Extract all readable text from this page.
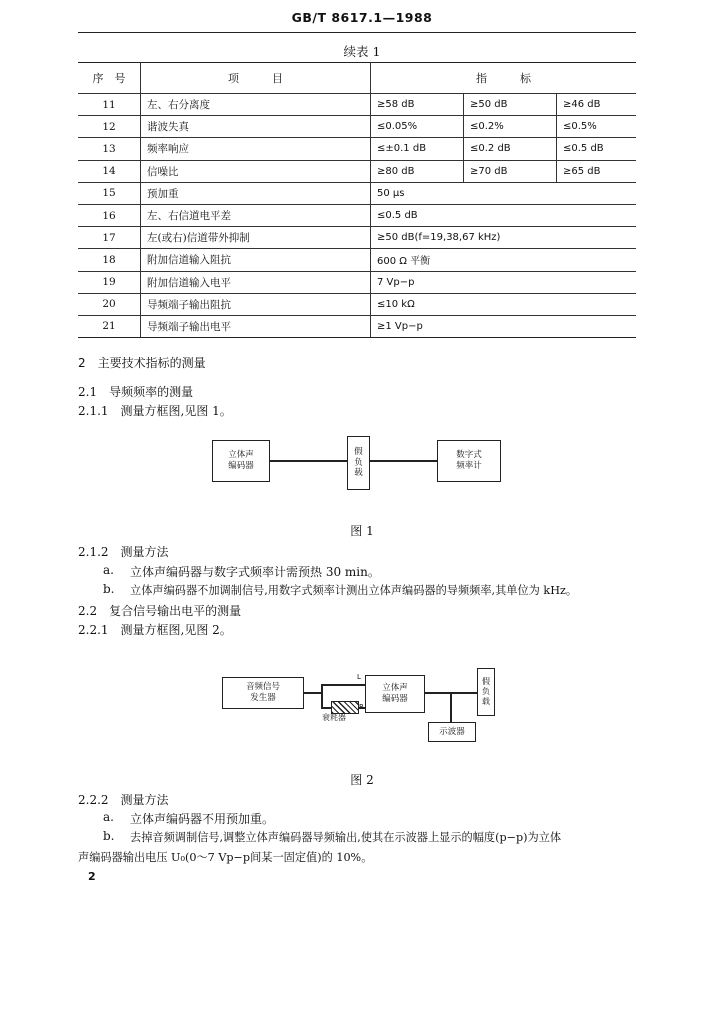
GB/T 8617.1—1988
续表 1
序　号	项　　　目	指　　　标		
11	左、右分离度	≥58 dB	≥50 dB	≥46 dB
12	谐波失真	≤0.05%	≤0.2%	≤0.5%
13	频率响应	≤±0.1 dB	≤0.2 dB	≤0.5 dB
14	信噪比	≥80 dB	≥70 dB	≥65 dB
15	预加重	50 μs		
16	左、右信道电平差	≤0.5 dB		
17	左(或右)信道带外抑制	≥50 dB(f=19,38,67 kHz)		
18	附加信道输入阻抗	600 Ω 平衡		
19	附加信道输入电平	7 Vp−p		
20	导频端子输出阻抗	≤10 kΩ		
21	导频端子输出电平	≥1 Vp−p		
2　主要技术指标的测量
2.1　导频频率的测量
2.1.1　测量方框图,见图 1。
立体声
编码器
假
负
载
数字式
频率计
图 1
2.1.2　测量方法
a. 立体声编码器与数字式频率计需预热 30 min。
b. 立体声编码器不加调制信号,用数字式频率计测出立体声编码器的导频频率,其单位为 kHz。
2.2　复合信号输出电平的测量
2.2.1　测量方框图,见图 2。
音频信号
发生器
L
R
衰耗器
立体声
编码器
假
负
载
示波器
图 2
2.2.2　测量方法
a. 立体声编码器不用预加重。
b. 去掉音频调制信号,调整立体声编码器导频输出,使其在示波器上显示的幅度(p−p)为立体
声编码器输出电压 U₀(0～7 Vp−p间某一固定值)的 10%。
2
